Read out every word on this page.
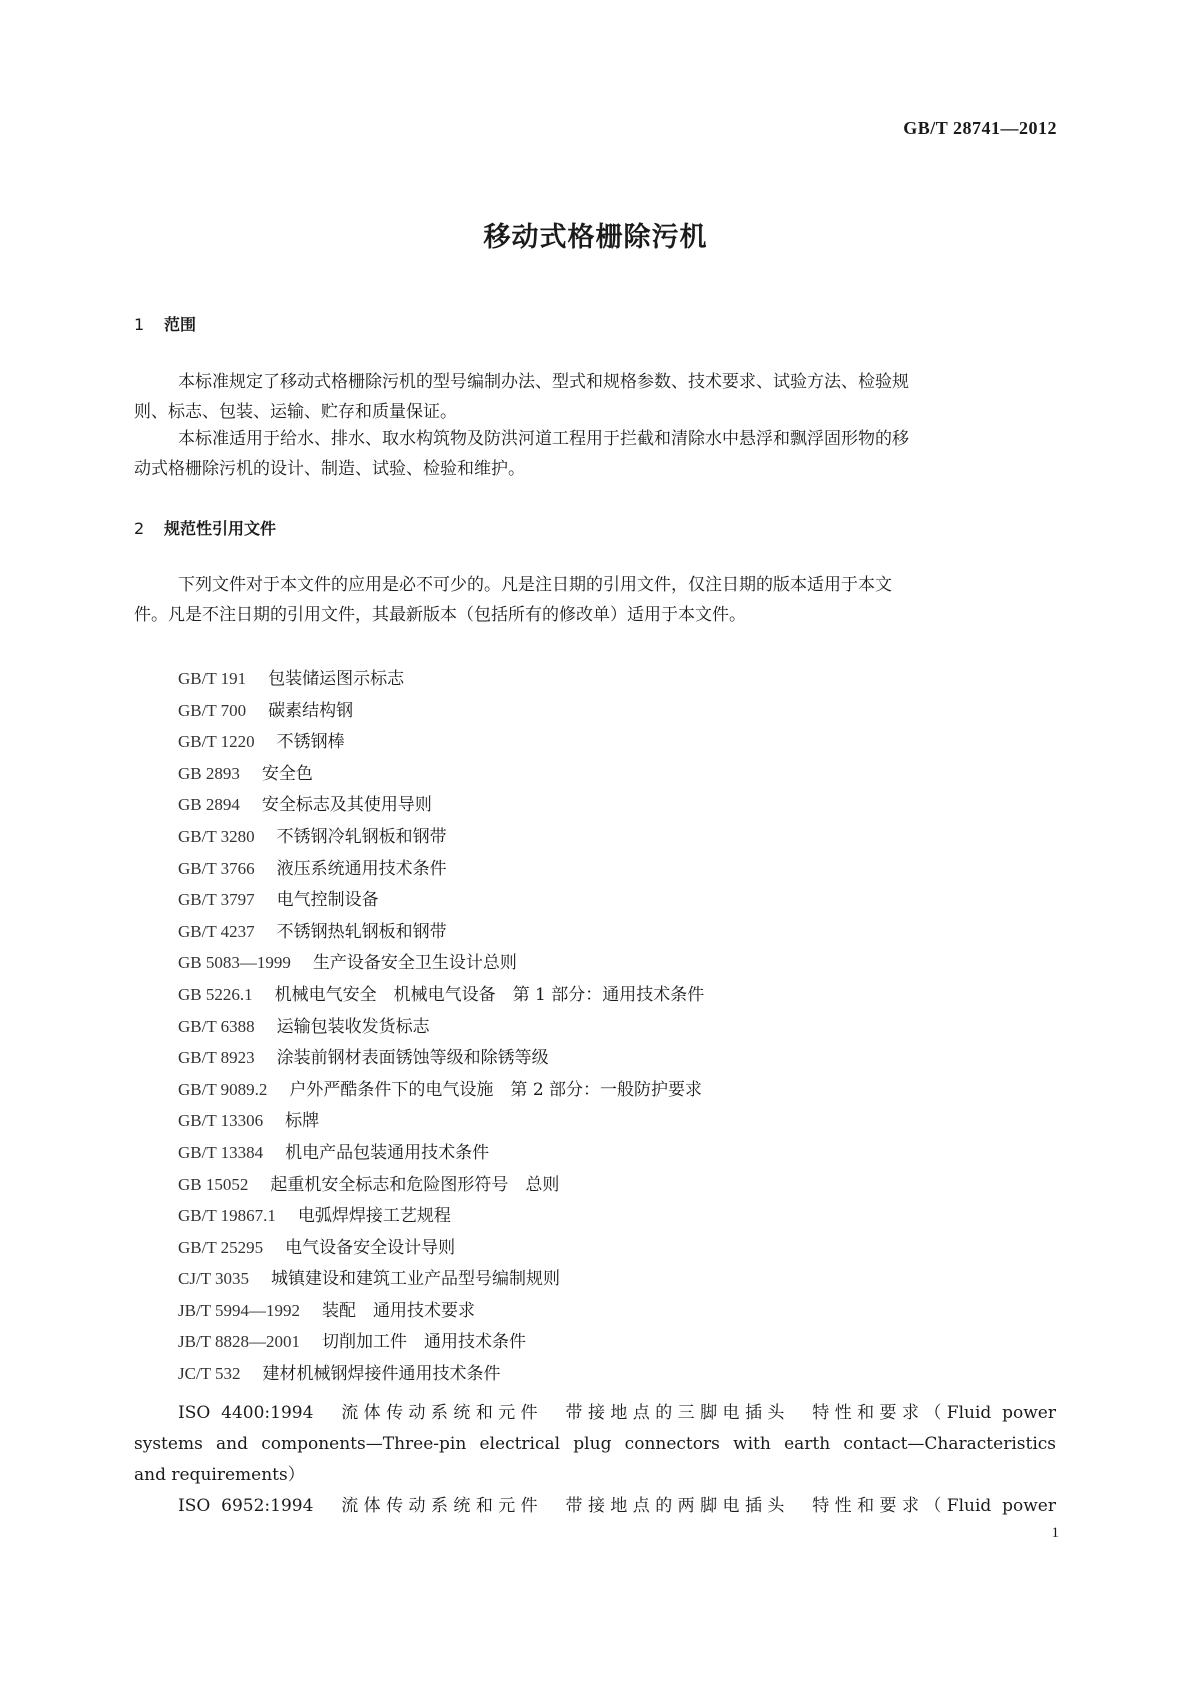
GB/T 28741—2012
移动式格栅除污机
1 范围
本标准规定了移动式格栅除污机的型号编制办法、型式和规格参数、技术要求、试验方法、检验规
则、标志、包装、运输、贮存和质量保证。
本标准适用于给水、排水、取水构筑物及防洪河道工程用于拦截和清除水中悬浮和飘浮固形物的移
动式格栅除污机的设计、制造、试验、检验和维护。
2 规范性引用文件
下列文件对于本文件的应用是必不可少的。凡是注日期的引用文件，仅注日期的版本适用于本文
件。凡是不注日期的引用文件，其最新版本（包括所有的修改单）适用于本文件。
GB/T 191 包装储运图示标志
GB/T 700 碳素结构钢
GB/T 1220 不锈钢棒
GB 2893 安全色
GB 2894 安全标志及其使用导则
GB/T 3280 不锈钢冷轧钢板和钢带
GB/T 3766 液压系统通用技术条件
GB/T 3797 电气控制设备
GB/T 4237 不锈钢热轧钢板和钢带
GB 5083—1999 生产设备安全卫生设计总则
GB 5226.1 机械电气安全　机械电气设备　第 1 部分：通用技术条件
GB/T 6388 运输包装收发货标志
GB/T 8923 涂装前钢材表面锈蚀等级和除锈等级
GB/T 9089.2 户外严酷条件下的电气设施　第 2 部分：一般防护要求
GB/T 13306 标牌
GB/T 13384 机电产品包装通用技术条件
GB 15052 起重机安全标志和危险图形符号　总则
GB/T 19867.1 电弧焊焊接工艺规程
GB/T 25295 电气设备安全设计导则
CJ/T 3035 城镇建设和建筑工业产品型号编制规则
JB/T 5994—1992 装配　通用技术要求
JB/T 8828—2001 切削加工件　通用技术条件
JC/T 532 建材机械钢焊接件通用技术条件
ISO 4400:1994　流体传动系统和元件　带接地点的三脚电插头　特性和要求（Fluid power
systems and components—Three-pin electrical plug connectors with earth contact—Characteristics
and requirements）
ISO 6952:1994　流体传动系统和元件　带接地点的两脚电插头　特性和要求（Fluid power
1
